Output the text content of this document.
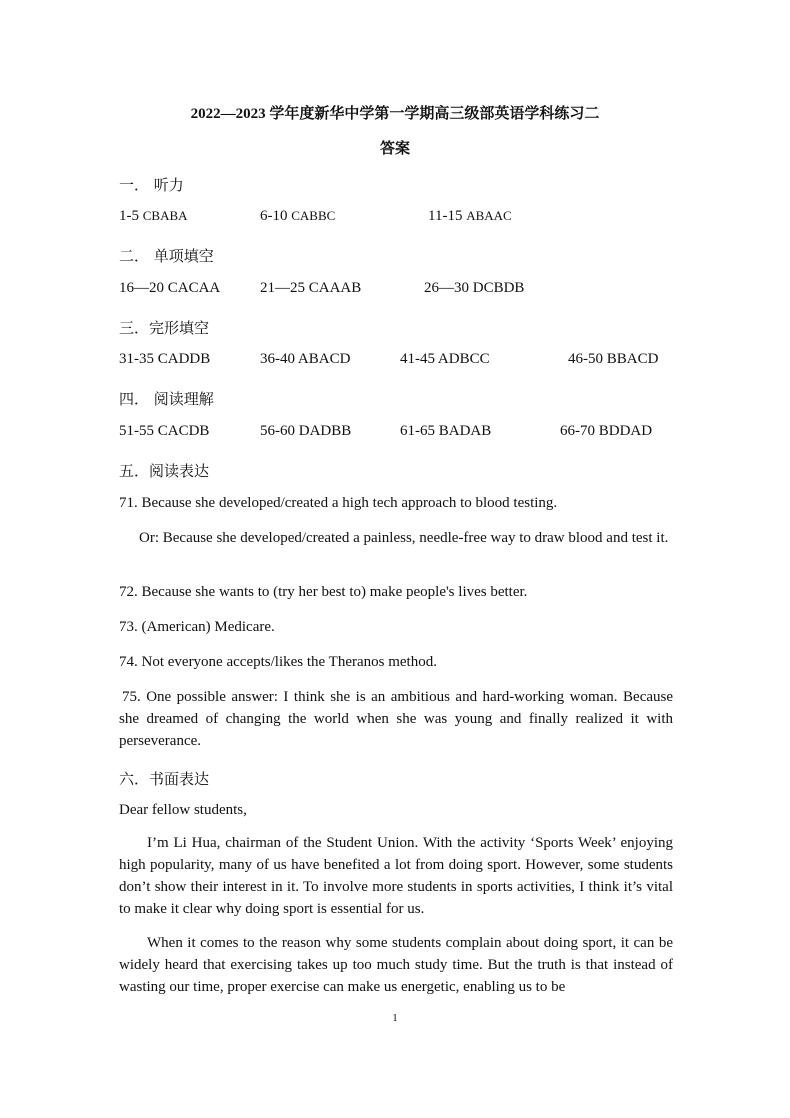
2022—2023 学年度新华中学第一学期高三级部英语学科练习二
答案
一． 听力
1-5 CBABA	6-10 CABBC	11-15 ABAAC
二． 单项填空
16—20 CACAA	21—25 CAAAB	26—30 DCBDB
三．完形填空
31-35 CADDB	36-40 ABACD	41-45 ADBCC	46-50 BBACD
四． 阅读理解
51-55 CACDB	56-60 DADBB	61-65 BADAB	66-70 BDDAD
五．阅读表达
71. Because she developed/created a high tech approach to blood testing.
Or: Because she developed/created a painless, needle-free way to draw blood and test it.
72. Because she wants to (try her best to) make people's lives better.
73. (American) Medicare.
74. Not everyone accepts/likes the Theranos method.
75. One possible answer: I think she is an ambitious and hard-working woman. Because she dreamed of changing the world when she was young and finally realized it with perseverance.
六．书面表达
Dear fellow students,
I’m Li Hua, chairman of the Student Union. With the activity ‘Sports Week’ enjoying high popularity, many of us have benefited a lot from doing sport. However, some students don’t show their interest in it. To involve more students in sports activities, I think it’s vital to make it clear why doing sport is essential for us.
When it comes to the reason why some students complain about doing sport, it can be widely heard that exercising takes up too much study time. But the truth is that instead of wasting our time, proper exercise can make us energetic, enabling us to be
1
